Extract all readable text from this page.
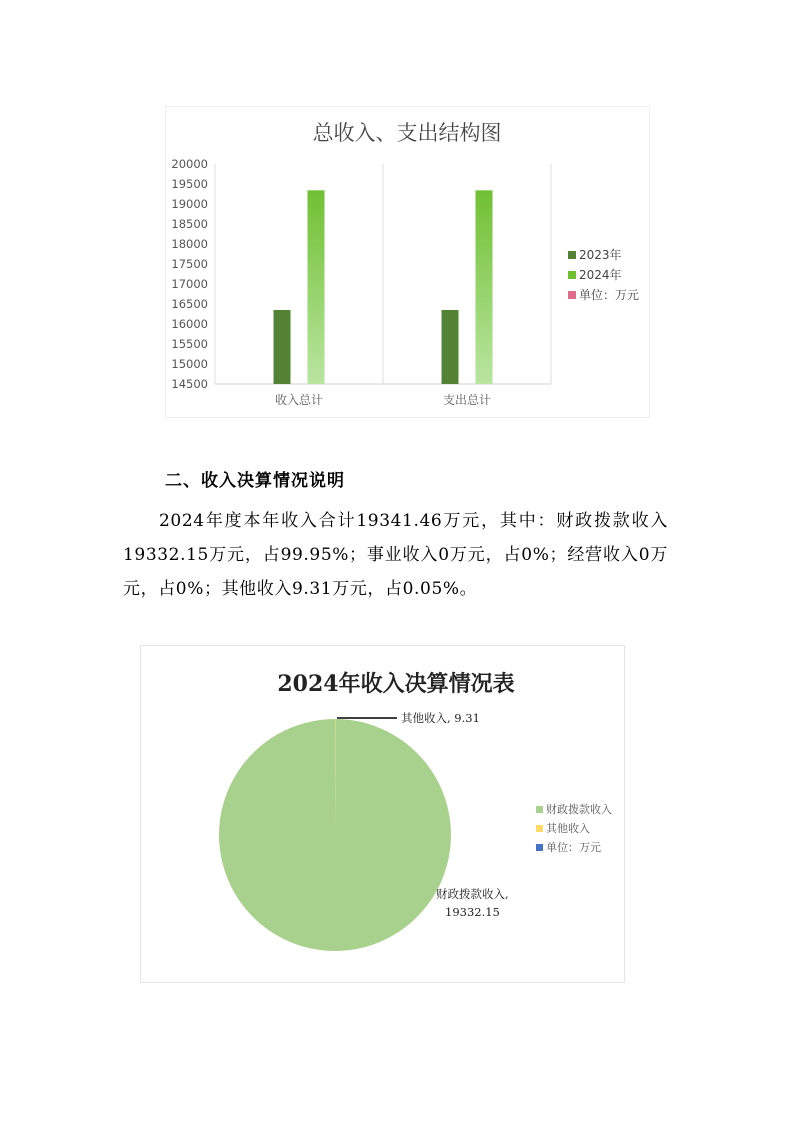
总收入、支出结构图
20000
19500
19000
18500
18000
17500
17000
16500
16000
15500
15000
14500
收入总计	支出总计
2023年
2024年
单位：万元
二、收入决算情况说明
2024年度本年收入合计19341.46万元，其中：财政拨款收入19332.15万元，占99.95%；事业收入0万元，占0%；经营收入0万元，占0%；其他收入9.31万元，占0.05%。
2024年收入决算情况表
其他收入, 9.31
财政拨款收入,
19332.15
财政拨款收入
其他收入
单位：万元
